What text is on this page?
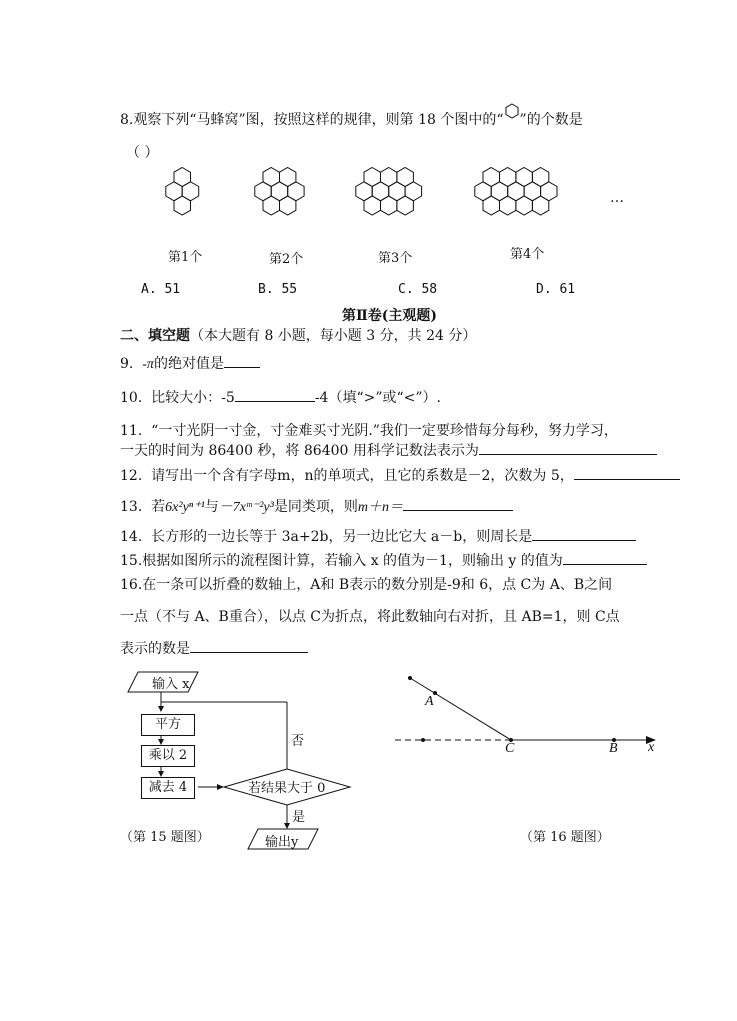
8.观察下列“马蜂窝”图，按照这样的规律，则第 18 个图中的“ ”的个数是
（ ）
第1个	第2个	第3个	第4个
…
A. 51	B. 55	C. 58	D. 61
第Ⅱ卷(主观题)
二、填空题（本大题有 8 小题，每小题 3 分，共 24 分）
9. -π的绝对值是
10. 比较大小：-5	-4（填“>”或“<”）.
11. “一寸光阴一寸金，寸金难买寸光阴.”我们一定要珍惜每分每秒，努力学习，
一天的时间为 86400 秒，将 86400 用科学记数法表示为
12. 请写出一个含有字母m，n的单项式，且它的系数是－2，次数为 5，
13. 若6x²yⁿ⁺¹与－7xᵐ⁻²y³是同类项，则m＋n＝
14. 长方形的一边长等于 3a+2b，另一边比它大 a－b，则周长是
15.根据如图所示的流程图计算，若输入 x 的值为－1，则输出 y 的值为
16.在一条可以折叠的数轴上，A和 B表示的数分别是-9和 6，点 C为 A、B之间
一点（不与 A、B重合），以点 C为折点，将此数轴向右对折，且 AB=1，则 C点
表示的数是
输入 x
平方
乘以 2
减去 4	若结果大于 0
否
是
输出y
（第 15 题图）
A
C	B x
（第 16 题图）
